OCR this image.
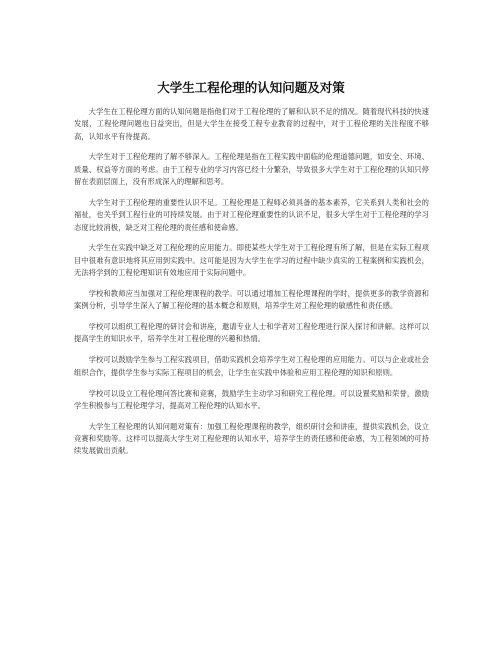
大学生工程伦理的认知问题及对策

大学生在工程伦理方面的认知问题是指他们对于工程伦理的了解和认识不足的情况。随着现代科技的快速发展，工程伦理问题也日益突出，但是大学生在接受工程专业教育的过程中，对于工程伦理的关注程度不够高，认知水平有待提高。

大学生对于工程伦理的了解不够深入。工程伦理是指在工程实践中面临的伦理道德问题，如安全、环境、质量、权益等方面的考虑。由于工程专业的学习内容已经十分繁杂，导致很多大学生对于工程伦理的认知只停留在表面层面上，没有形成深入的理解和思考。

大学生对于工程伦理的重要性认识不足。工程伦理是工程师必须具备的基本素养，它关系到人类和社会的福祉，也关乎到工程行业的可持续发展。由于对工程伦理重要性的认识不足，很多大学生对于工程伦理的学习态度比较消极，缺乏对工程伦理的责任感和使命感。

大学生在实践中缺乏对工程伦理的应用能力。即使某些大学生对于工程伦理有所了解，但是在实际工程项目中很难有意识地将其应用到实践中。这可能是因为大学生在学习的过程中缺少真实的工程案例和实践机会，无法将学到的工程伦理知识有效地应用于实际问题中。

学校和教师应当加强对工程伦理课程的教学。可以通过增加工程伦理课程的学时，提供更多的教学资源和案例分析，引导学生深入了解工程伦理的基本概念和原则，培养学生对工程伦理的敏感性和责任感。

学校可以组织工程伦理的研讨会和讲座，邀请专业人士和学者对工程伦理进行深入探讨和讲解。这样可以提高学生的知识水平，培养学生对工程伦理的兴趣和热情。

学校可以鼓励学生参与工程实践项目，借助实践机会培养学生对工程伦理的应用能力。可以与企业或社会组织合作，提供学生参与实际工程项目的机会，让学生在实践中体验和应用工程伦理的知识和原则。

学校可以设立工程伦理问答比赛和竞赛，鼓励学生主动学习和研究工程伦理。可以设置奖励和荣誉，激励学生积极参与工程伦理学习，提高对工程伦理的认知水平。

大学生工程伦理的认知问题对策有：加强工程伦理课程的教学，组织研讨会和讲座，提供实践机会，设立竞赛和奖励等。这样可以提高大学生对工程伦理的认知水平，培养学生的责任感和使命感，为工程领域的可持续发展做出贡献。
